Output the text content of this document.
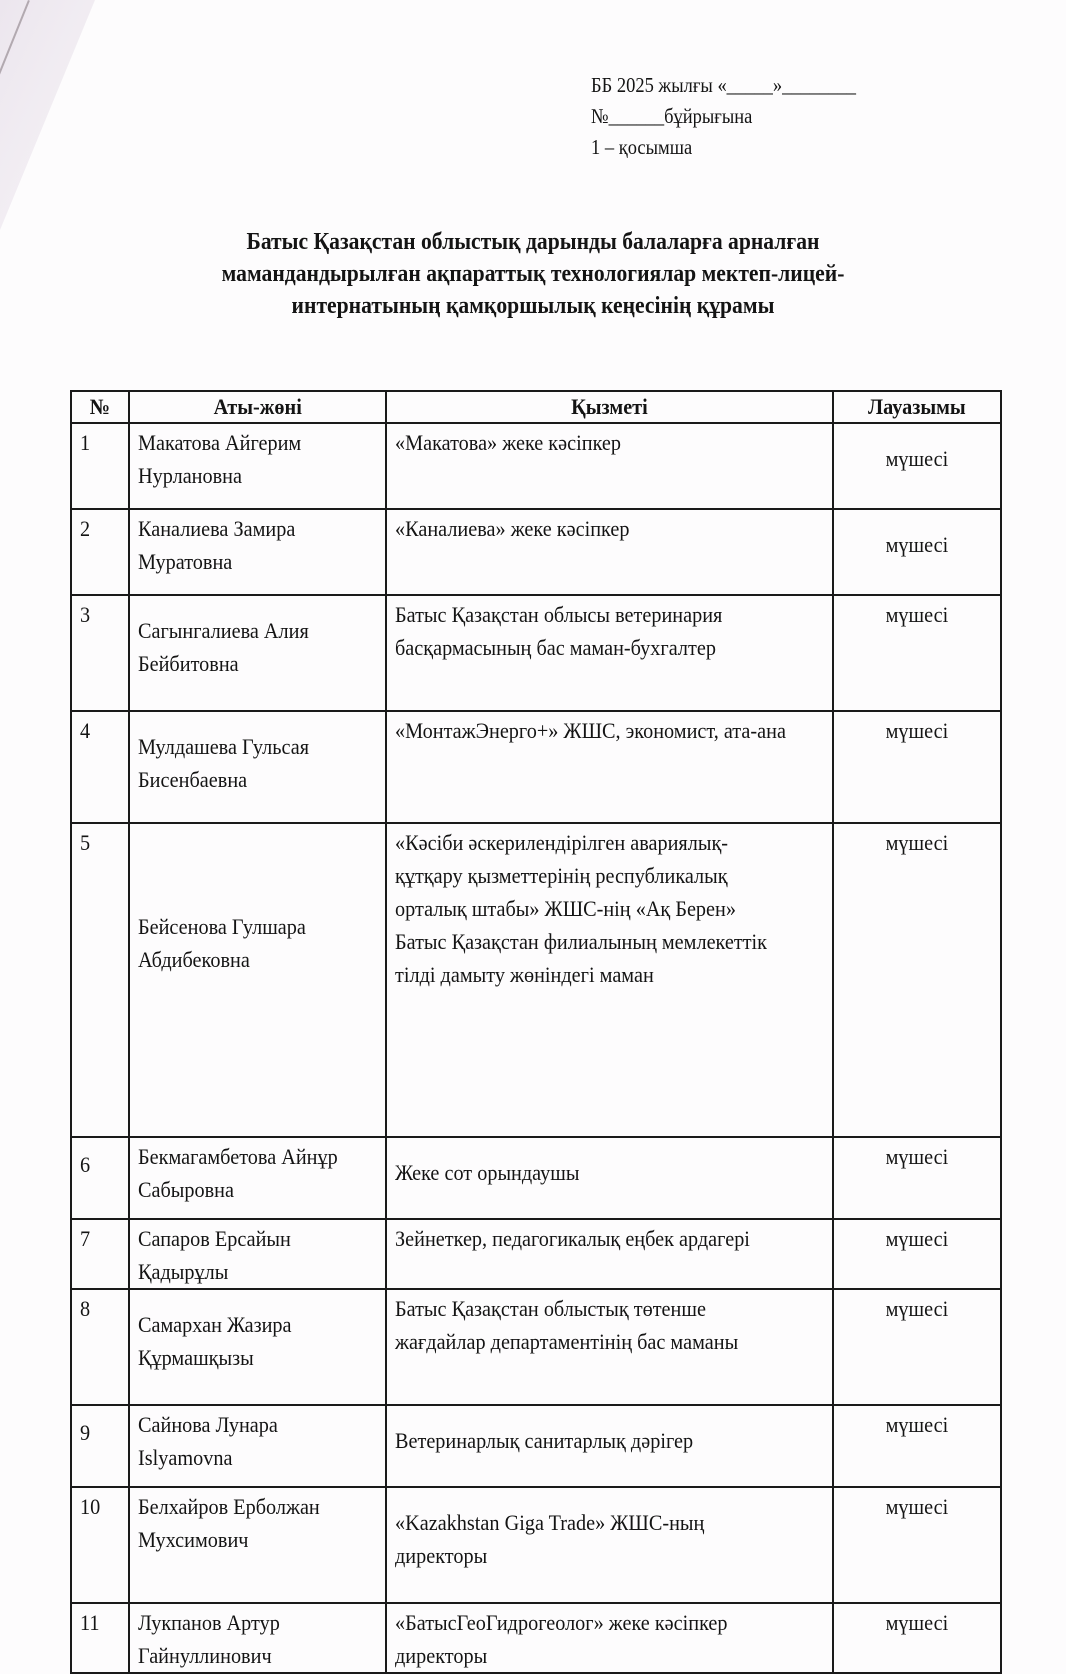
ББ 2025 жылғы «_____»________
№______бұйрығына
1 – қосымша
Батыс Қазақстан облыстық дарынды балаларға арналған
мамандандырылған ақпараттық технологиялар мектеп-лицей-
интернатының қамқоршылық кеңесінің құрамы
№	Аты-жөні	Қызметі	Лауазымы

1	Макатова Айгерим Нурлановна	«Макатова» жеке кәсіпкер	мүшесі

2	Каналиева Замира Муратовна	«Каналиева» жеке кәсіпкер	мүшесі

3	Сагынгалиева Алия Бейбитовна	Батыс Қазақстан облысы ветеринария басқармасының бас маман-бухгалтер	мүшесі

4	Мулдашева Гульсая Бисенбаевна	«МонтажЭнерго+» ЖШС, экономист, ата-ана	мүшесі

5	Бейсенова Гулшара Абдибековна	«Кәсіби әскерилендірілген авариялық-құтқару қызметтерінің республикалық орталық штабы» ЖШС-нің «Ақ Берен» Батыс Қазақстан филиалының мемлекеттік тілді дамыту жөніндегі маман	мүшесі

6	Бекмагамбетова Айнұр Сабыровна	Жеке сот орындаушы	мүшесі

7	Сапаров Ерсайын Қадырұлы	Зейнеткер, педагогикалық еңбек ардагері	мүшесі

8	Самархан Жазира Құрмашқызы	Батыс Қазақстан облыстық төтенше жағдайлар департаментінің бас маманы	мүшесі

9	Сайнова Лунара Islyamovna	Ветеринарлық санитарлық дәрігер	мүшесі

10	Белхайров Ерболжан Мухсимович	«Kazakhstan Giga Trade» ЖШС-ның директоры	мүшесі

11	Лукпанов Артур Гайнуллинович	«БатысГеоГидрогеолог» жеке кәсіпкер директоры	мүшесі
